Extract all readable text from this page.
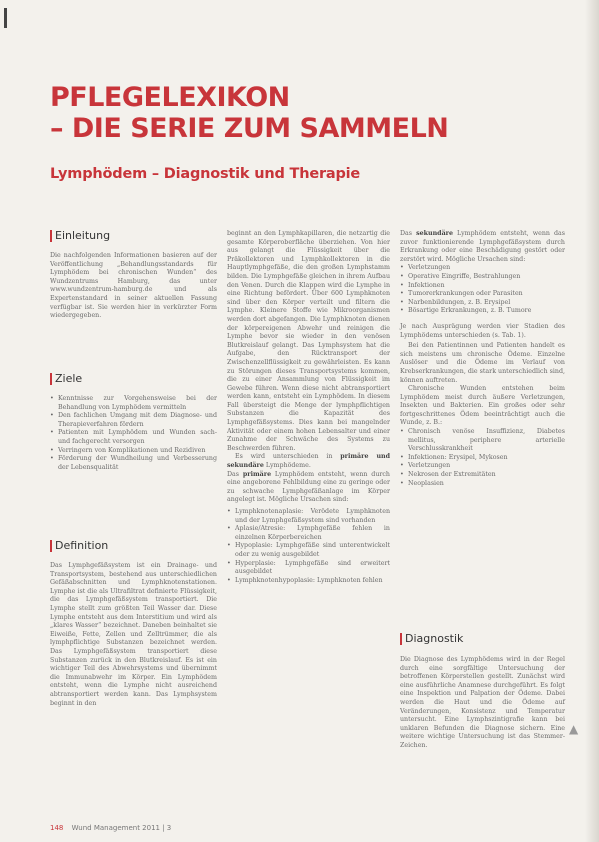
PFLEGELEXIKON
– DIE SERIE ZUM SAMMELN
Lymphödem – Diagnostik und Therapie
Einleitung

Die nachfolgenden Informationen basieren auf der Veröffentlichung „Behandlungsstandards für Lymphödem bei chronischen Wunden“ des Wundzentrums Hamburg, das unter www.wundzentrum-hamburg.de und als Expertenstandard in seiner aktuellen Fassung verfügbar ist. Sie werden hier in verkürzter Form wiedergegeben.

Ziele
• Kenntnisse zur Vorgehensweise bei der Behandlung von Lymphödem vermitteln
• Den fachlichen Umgang mit dem Diagnose- und Therapieverfahren fördern
• Patienten mit Lymphödem und Wunden sach- und fachgerecht versorgen
• Verringern von Komplikationen und Rezidiven
• Förderung der Wundheilung und Verbesserung der Lebensqualität
Definition

Das Lymphgefäßsystem ist ein Drainage- und Transportsystem, bestehend aus unterschiedlichen Gefäßabschnitten und Lymphknotenstationen. Lymphe ist die als Ultrafiltrat definierte Flüssigkeit, die das Lymphgefäßsystem transportiert. Die Lymphe stellt zum größten Teil Wasser dar. Diese Lymphe entsteht aus dem Interstitium und wird als „klares Wasser“ bezeichnet. Daneben beinhaltet sie Eiweiße, Fette, Zellen und Zelltrümmer, die als lymphpflichtige Substanzen bezeichnet werden. Das Lymphgefäßsystem transportiert diese Substanzen zurück in den Blutkreislauf. Es ist ein wichtiger Teil des Abwehrsystems und übernimmt die Immunabwehr im Körper. Ein Lymphödem entsteht, wenn die Lymphe nicht ausreichend abtransportiert werden kann. Das Lymphsystem beginnt in den

beginnt an den Lymphkapillaren, die netzartig die gesamte Körperoberfläche überziehen. Von hier aus gelangt die Flüssigkeit über die Präkollektoren und Lymphkollektoren in die Hauptlymphgefäße, die den großen Lymphstamm bilden. Die Lymphgefäße gleichen in ihrem Aufbau den Venen. Durch die Klappen wird die Lymphe in eine Richtung befördert. Über 600 Lymphknoten sind über den Körper verteilt und filtern die Lymphe. Kleinere Stoffe wie Mikroorganismen werden dort abgefangen. Die Lymphknoten dienen der körpereigenen Abwehr und reinigen die Lymphe bevor sie wieder in den venösen Blutkreislauf gelangt. Das Lymphsystem hat die Aufgabe, den Rücktransport der Zwischenzellflüssigkeit zu gewährleisten. Es kann zu Störungen dieses Transportsystems kommen, die zu einer Ansammlung von Flüssigkeit im Gewebe führen. Wenn diese nicht abtransportiert werden kann, entsteht ein Lymphödem. In diesem Fall übersteigt die Menge der lymphpflichtigen Substanzen die Kapazität des Lymphgefäßsystems. Dies kann bei mangelnder Aktivität oder einem hohen Lebensalter und einer Zunahme der Schwäche des Systems zu Beschwerden führen.

Es wird unterschieden in primäre und sekundäre Lymphödeme.

Das primäre Lymphödem entsteht, wenn durch eine angeborene Fehlbildung eine zu geringe oder zu schwache Lymphgefäßanlage im Körper angelegt ist. Mögliche Ursachen sind:

• Lymphknotenaplasie: Verödete Lymphknoten und der Lymphgefäßsystem sind vorhanden
• Aplasie/Atresie: Lymphgefäße fehlen in einzelnen Körperbereichen
• Hypoplasie: Lymphgefäße sind unterentwickelt oder zu wenig ausgebildet
• Hyperplasie: Lymphgefäße sind erweitert ausgebildet
• Lymphknotenhypoplasie: Lymphknoten fehlen

Das sekundäre Lymphödem entsteht, wenn das zuvor funktionierende Lymphgefäßsystem durch Erkrankung oder eine Beschädigung gestört oder zerstört wird. Mögliche Ursachen sind:

• Verletzungen
• Operative Eingriffe, Bestrahlungen
• Infektionen
• Tumorerkrankungen oder Parasiten
• Narbenbildungen, z. B. Erysipel
• Bösartige Erkrankungen, z. B. Tumore

Je nach Ausprägung werden vier Stadien des Lymphödems unterschieden (s. Tab. 1).

Bei den Patientinnen und Patienten handelt es sich meistens um chronische Ödeme. Einzelne Auslöser und die Ödeme im Verlauf von Krebserkrankungen, die stark unterschiedlich sind, können auftreten.

Chronische Wunden entstehen beim Lymphödem meist durch äußere Verletzungen, Insekten und Bakterien. Ein großes oder sehr fortgeschrittenes Ödem beeinträchtigt auch die Wunde, z. B.:

• Chronisch venöse Insuffizienz, Diabetes mellitus, periphere arterielle Verschlusskrankheit
• Infektionen: Erysipel, Mykosen
• Verletzungen
• Nekrosen der Extremitäten
• Neoplasien
Diagnostik

Die Diagnose des Lymphödems wird in der Regel durch eine sorgfältige Untersuchung der betroffenen Körperstellen gestellt. Zunächst wird eine ausführliche Anamnese durchgeführt. Es folgt eine Inspektion und Palpation der Ödeme. Dabei werden die Haut und die Ödeme auf Veränderungen, Konsistenz und Temperatur untersucht. Eine Lymphszintigrafie kann bei unklaren Befunden die Diagnose sichern. Eine weitere wichtige Untersuchung ist das Stemmer-Zeichen.

▲
148 Wund Management 2011 | 3
